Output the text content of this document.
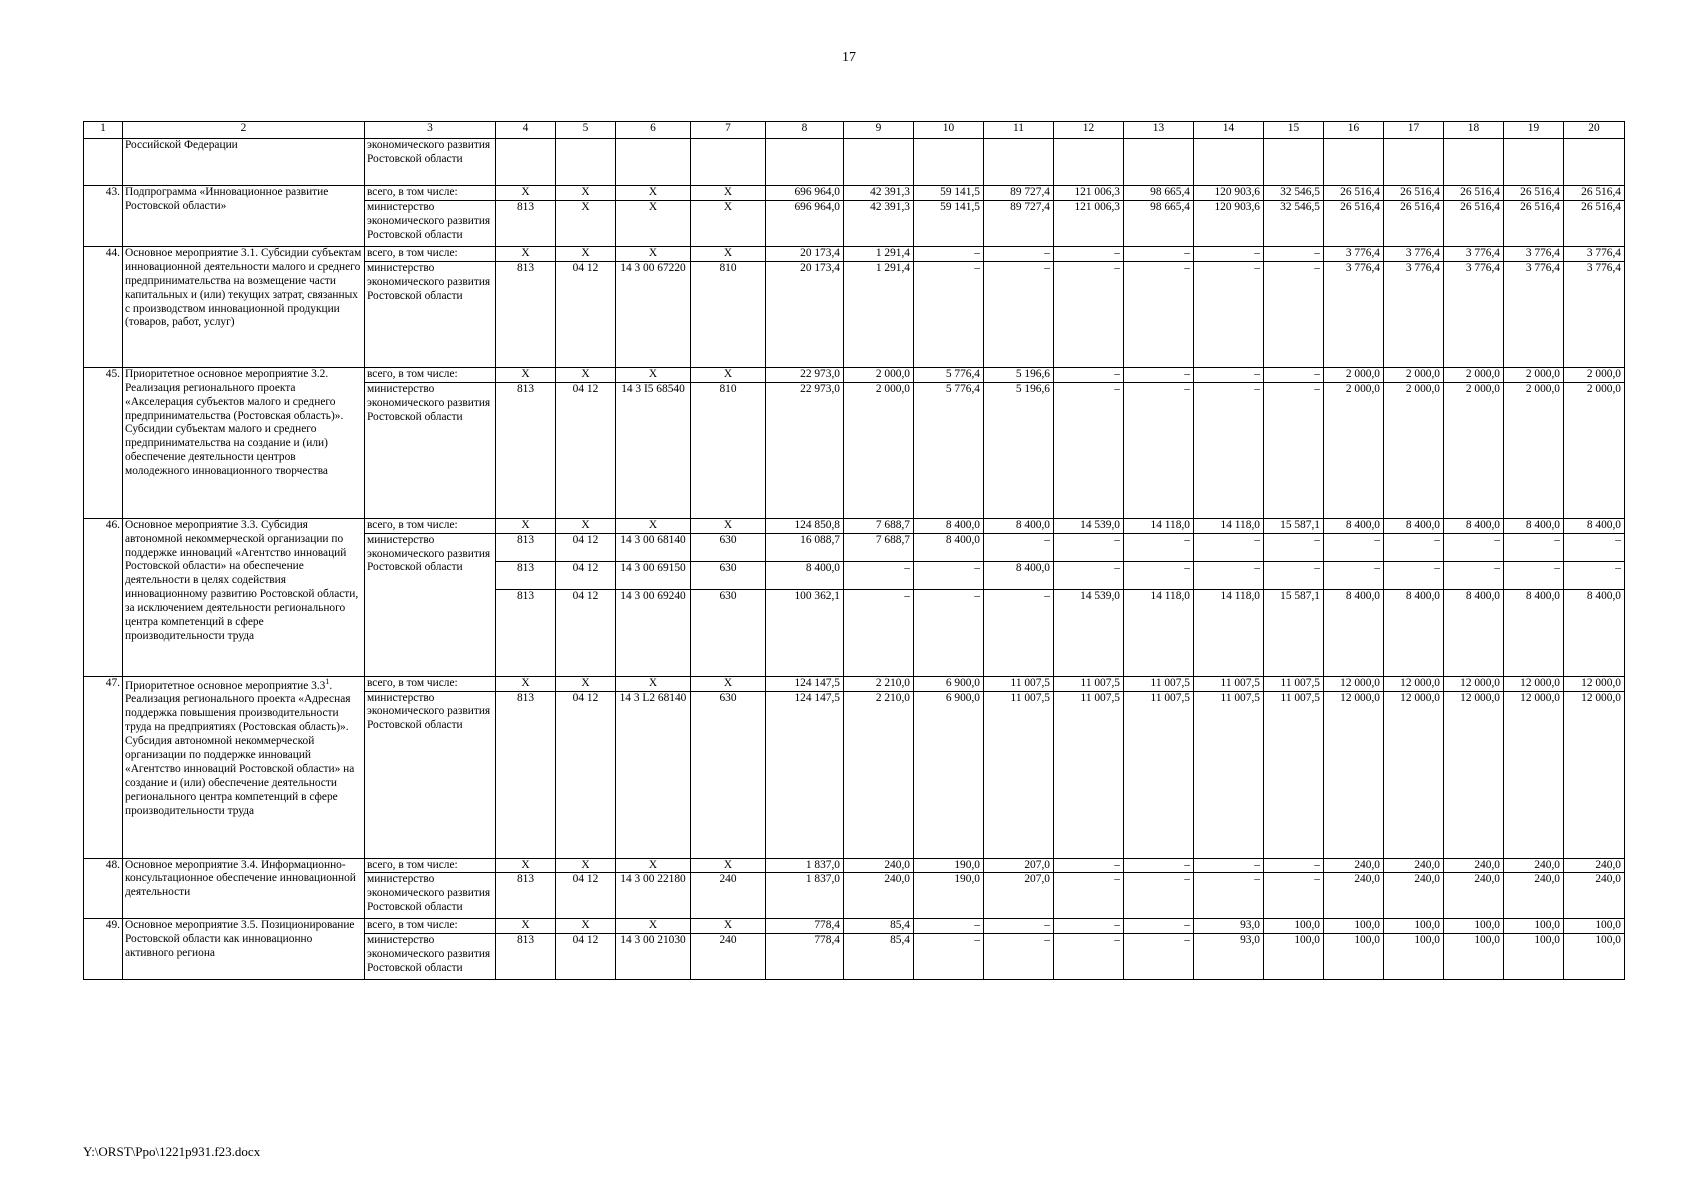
17
1	2	3	4	5	6	7	8	9	10	11	12	13	14	15	16	17	18	19	20
	Российской Федерации	экономического развития Ростовской области																	
43.	Подпрограмма «Инновационное развитие Ростовской области»	всего, в том числе:	X	X	X	X	696 964,0	42 391,3	59 141,5	89 727,4	121 006,3	98 665,4	120 903,6	32 546,5	26 516,4	26 516,4	26 516,4	26 516,4	26 516,4
		министерство экономического развития Ростовской области	813	X	X	X	696 964,0	42 391,3	59 141,5	89 727,4	121 006,3	98 665,4	120 903,6	32 546,5	26 516,4	26 516,4	26 516,4	26 516,4	26 516,4
44.	Основное мероприятие 3.1. Субсидии субъектам инновационной деятельности малого и среднего предпринимательства на возмещение части капитальных и (или) текущих затрат, связанных с производством инновационной продукции (товаров, работ, услуг)	всего, в том числе:	X	X	X	X	20 173,4	1 291,4	–	–	–	–	–	–	3 776,4	3 776,4	3 776,4	3 776,4	3 776,4
		министерство экономического развития Ростовской области	813	04 12	14 3 00 67220	810	20 173,4	1 291,4	–	–	–	–	–	–	3 776,4	3 776,4	3 776,4	3 776,4	3 776,4
45.	Приоритетное основное мероприятие 3.2. Реализация регионального проекта «Акселерация субъектов малого и среднего предпринимательства (Ростовская область)». Субсидии субъектам малого и среднего предпринимательства на создание и (или) обеспечение деятельности центров молодежного инновационного творчества	всего, в том числе:	X	X	X	X	22 973,0	2 000,0	5 776,4	5 196,6	–	–	–	–	2 000,0	2 000,0	2 000,0	2 000,0	2 000,0
		министерство экономического развития Ростовской области	813	04 12	14 3 I5 68540	810	22 973,0	2 000,0	5 776,4	5 196,6	–	–	–	–	2 000,0	2 000,0	2 000,0	2 000,0	2 000,0
46.	Основное мероприятие 3.3. Субсидия автономной некоммерческой организации по поддержке инноваций «Агентство инноваций Ростовской области» на обеспечение деятельности в целях содействия инновационному развитию Ростовской области, за исключением деятельности регионального центра компетенций в сфере производительности труда	всего, в том числе:	X	X	X	X	124 850,8	7 688,7	8 400,0	8 400,0	14 539,0	14 118,0	14 118,0	15 587,1	8 400,0	8 400,0	8 400,0	8 400,0	8 400,0
		министерство экономического развития Ростовской области	813	04 12	14 3 00 68140	630	16 088,7	7 688,7	8 400,0	–	–	–	–	–	–	–	–	–	–
			813	04 12	14 3 00 69150	630	8 400,0	–	–	8 400,0	–	–	–	–	–	–	–	–	–
			813	04 12	14 3 00 69240	630	100 362,1	–	–	–	14 539,0	14 118,0	14 118,0	15 587,1	8 400,0	8 400,0	8 400,0	8 400,0	8 400,0
47.	Приоритетное основное мероприятие $3.3^1$. Реализация регионального проекта «Адресная поддержка повышения производительности труда на предприятиях (Ростовская область)». Субсидия автономной некоммерческой организации по поддержке инноваций «Агентство инноваций Ростовской области» на создание и (или) обеспечение деятельности регионального центра компетенций в сфере производительности труда	всего, в том числе:	X	X	X	X	124 147,5	2 210,0	6 900,0	11 007,5	11 007,5	11 007,5	11 007,5	11 007,5	12 000,0	12 000,0	12 000,0	12 000,0	12 000,0
		министерство экономического развития Ростовской области	813	04 12	14 3 L2 68140	630	124 147,5	2 210,0	6 900,0	11 007,5	11 007,5	11 007,5	11 007,5	11 007,5	12 000,0	12 000,0	12 000,0	12 000,0	12 000,0
48.	Основное мероприятие 3.4. Информационно-консультационное обеспечение инновационной деятельности	всего, в том числе:	X	X	X	X	1 837,0	240,0	190,0	207,0	–	–	–	–	240,0	240,0	240,0	240,0	240,0
		министерство экономического развития Ростовской области	813	04 12	14 3 00 22180	240	1 837,0	240,0	190,0	207,0	–	–	–	–	240,0	240,0	240,0	240,0	240,0
49.	Основное мероприятие 3.5. Позиционирование Ростовской области как инновационно активного региона	всего, в том числе:	X	X	X	X	778,4	85,4	–	–	–	–	93,0	100,0	100,0	100,0	100,0	100,0	100,0
		министерство экономического развития Ростовской области	813	04 12	14 3 00 21030	240	778,4	85,4	–	–	–	–	93,0	100,0	100,0	100,0	100,0	100,0	100,0
Y:\ORST\Ppo\1221p931.f23.docx
